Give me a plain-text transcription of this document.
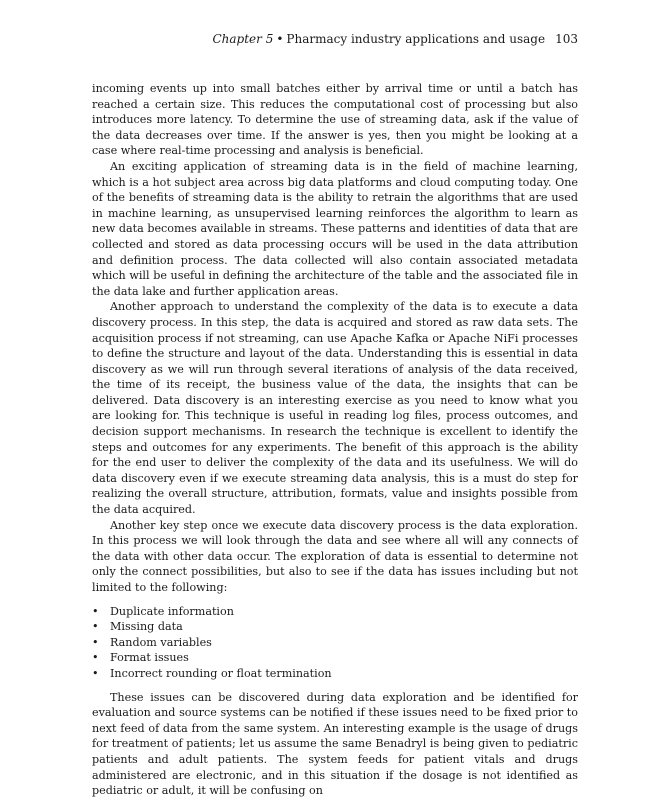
Chapter 5 • Pharmacy industry applications and usage 103

incoming events up into small batches either by arrival time or until a batch has reached a certain size. This reduces the computational cost of processing but also introduces more latency. To determine the use of streaming data, ask if the value of the data decreases over time. If the answer is yes, then you might be looking at a case where real-time processing and analysis is beneficial.

An exciting application of streaming data is in the field of machine learning, which is a hot subject area across big data platforms and cloud computing today. One of the benefits of streaming data is the ability to retrain the algorithms that are used in machine learning, as unsupervised learning reinforces the algorithm to learn as new data becomes available in streams. These patterns and identities of data that are collected and stored as data processing occurs will be used in the data attribution and definition process. The data collected will also contain associated metadata which will be useful in defining the architecture of the table and the associated file in the data lake and further application areas.

Another approach to understand the complexity of the data is to execute a data discovery process. In this step, the data is acquired and stored as raw data sets. The acquisition process if not streaming, can use Apache Kafka or Apache NiFi processes to define the structure and layout of the data. Understanding this is essential in data discovery as we will run through several iterations of analysis of the data received, the time of its receipt, the business value of the data, the insights that can be delivered. Data discovery is an interesting exercise as you need to know what you are looking for. This technique is useful in reading log files, process outcomes, and decision support mechanisms. In research the technique is excellent to identify the steps and outcomes for any experiments. The benefit of this approach is the ability for the end user to deliver the complexity of the data and its usefulness. We will do data discovery even if we execute streaming data analysis, this is a must do step for realizing the overall structure, attribution, formats, value and insights possible from the data acquired.

Another key step once we execute data discovery process is the data exploration. In this process we will look through the data and see where all will any connects of the data with other data occur. The exploration of data is essential to determine not only the connect possibilities, but also to see if the data has issues including but not limited to the following:

• Duplicate information
• Missing data
• Random variables
• Format issues
• Incorrect rounding or float termination

These issues can be discovered during data exploration and be identified for evaluation and source systems can be notified if these issues need to be fixed prior to next feed of data from the same system. An interesting example is the usage of drugs for treatment of patients; let us assume the same Benadryl is being given to pediatric patients and adult patients. The system feeds for patient vitals and drugs administered are electronic, and in this situation if the dosage is not identified as pediatric or adult, it will be confusing on
